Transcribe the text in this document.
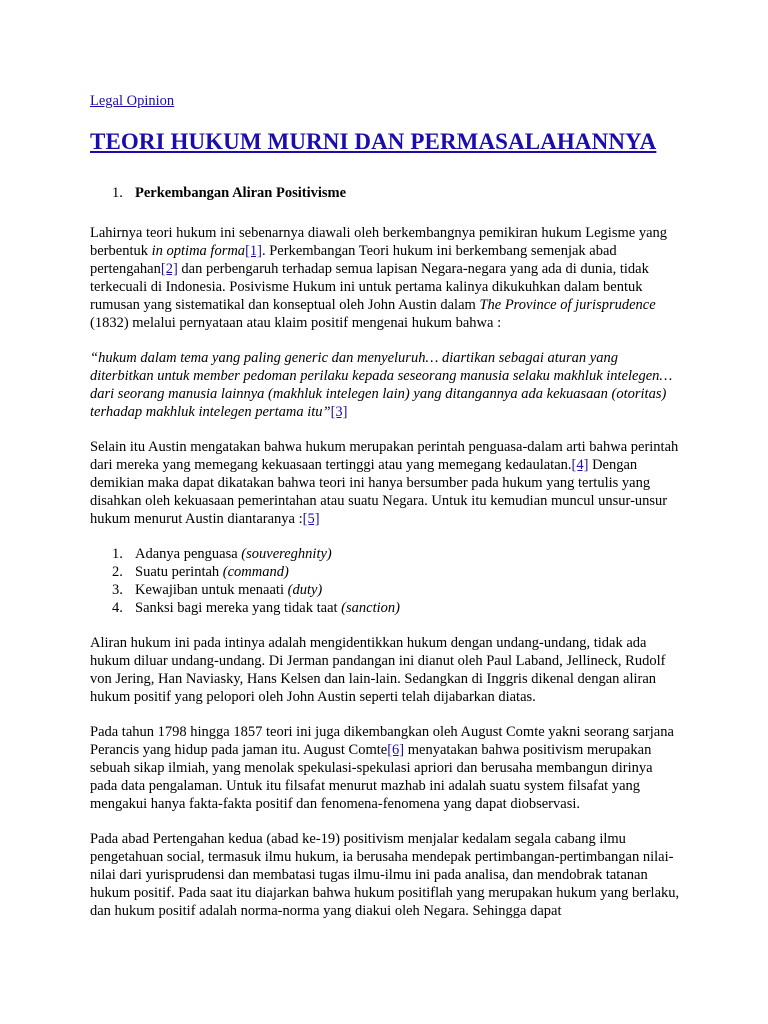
Legal Opinion
TEORI HUKUM MURNI DAN PERMASALAHANNYA
1. Perkembangan Aliran Positivisme

Lahirnya teori hukum ini sebenarnya diawali oleh berkembangnya pemikiran hukum Legisme yang berbentuk in optima forma[1]. Perkembangan Teori hukum ini berkembang semenjak abad pertengahan[2] dan perbengaruh terhadap semua lapisan Negara-negara yang ada di dunia, tidak terkecuali di Indonesia. Posivisme Hukum ini untuk pertama kalinya dikukuhkan dalam bentuk rumusan yang sistematikal dan konseptual oleh John Austin dalam The Province of jurisprudence (1832) melalui pernyataan atau klaim positif mengenai hukum bahwa :

“hukum dalam tema yang paling generic dan menyeluruh… diartikan sebagai aturan yang diterbitkan untuk member pedoman perilaku kepada seseorang manusia selaku makhluk intelegen… dari seorang manusia lainnya (makhluk intelegen lain) yang ditangannya ada kekuasaan (otoritas) terhadap makhluk intelegen pertama itu”[3]

Selain itu Austin mengatakan bahwa hukum merupakan perintah penguasa-dalam arti bahwa perintah dari mereka yang memegang kekuasaan tertinggi atau yang memegang kedaulatan.[4] Dengan demikian maka dapat dikatakan bahwa teori ini hanya bersumber pada hukum yang tertulis yang disahkan oleh kekuasaan pemerintahan atau suatu Negara. Untuk itu kemudian muncul unsur-unsur hukum menurut Austin diantaranya :[5]

1. Adanya penguasa (souvereghnity)
2. Suatu perintah (command)
3. Kewajiban untuk menaati (duty)
4. Sanksi bagi mereka yang tidak taat (sanction)

Aliran hukum ini pada intinya adalah mengidentikkan hukum dengan undang-undang, tidak ada hukum diluar undang-undang. Di Jerman pandangan ini dianut oleh Paul Laband, Jellineck, Rudolf von Jering, Han Naviasky, Hans Kelsen dan lain-lain. Sedangkan di Inggris dikenal dengan aliran hukum positif yang pelopori oleh John Austin seperti telah dijabarkan diatas.

Pada tahun 1798 hingga 1857 teori ini juga dikembangkan oleh August Comte yakni seorang sarjana Perancis yang hidup pada jaman itu. August Comte[6] menyatakan bahwa positivism merupakan sebuah sikap ilmiah, yang menolak spekulasi-spekulasi apriori dan berusaha membangun dirinya pada data pengalaman. Untuk itu filsafat menurut mazhab ini adalah suatu system filsafat yang mengakui hanya fakta-fakta positif dan fenomena-fenomena yang dapat diobservasi.

Pada abad Pertengahan kedua (abad ke-19) positivism menjalar kedalam segala cabang ilmu pengetahuan social, termasuk ilmu hukum, ia berusaha mendepak pertimbangan-pertimbangan nilai-nilai dari yurisprudensi dan membatasi tugas ilmu-ilmu ini pada analisa, dan mendobrak tatanan hukum positif. Pada saat itu diajarkan bahwa hukum positiflah yang merupakan hukum yang berlaku, dan hukum positif adalah norma-norma yang diakui oleh Negara. Sehingga dapat
